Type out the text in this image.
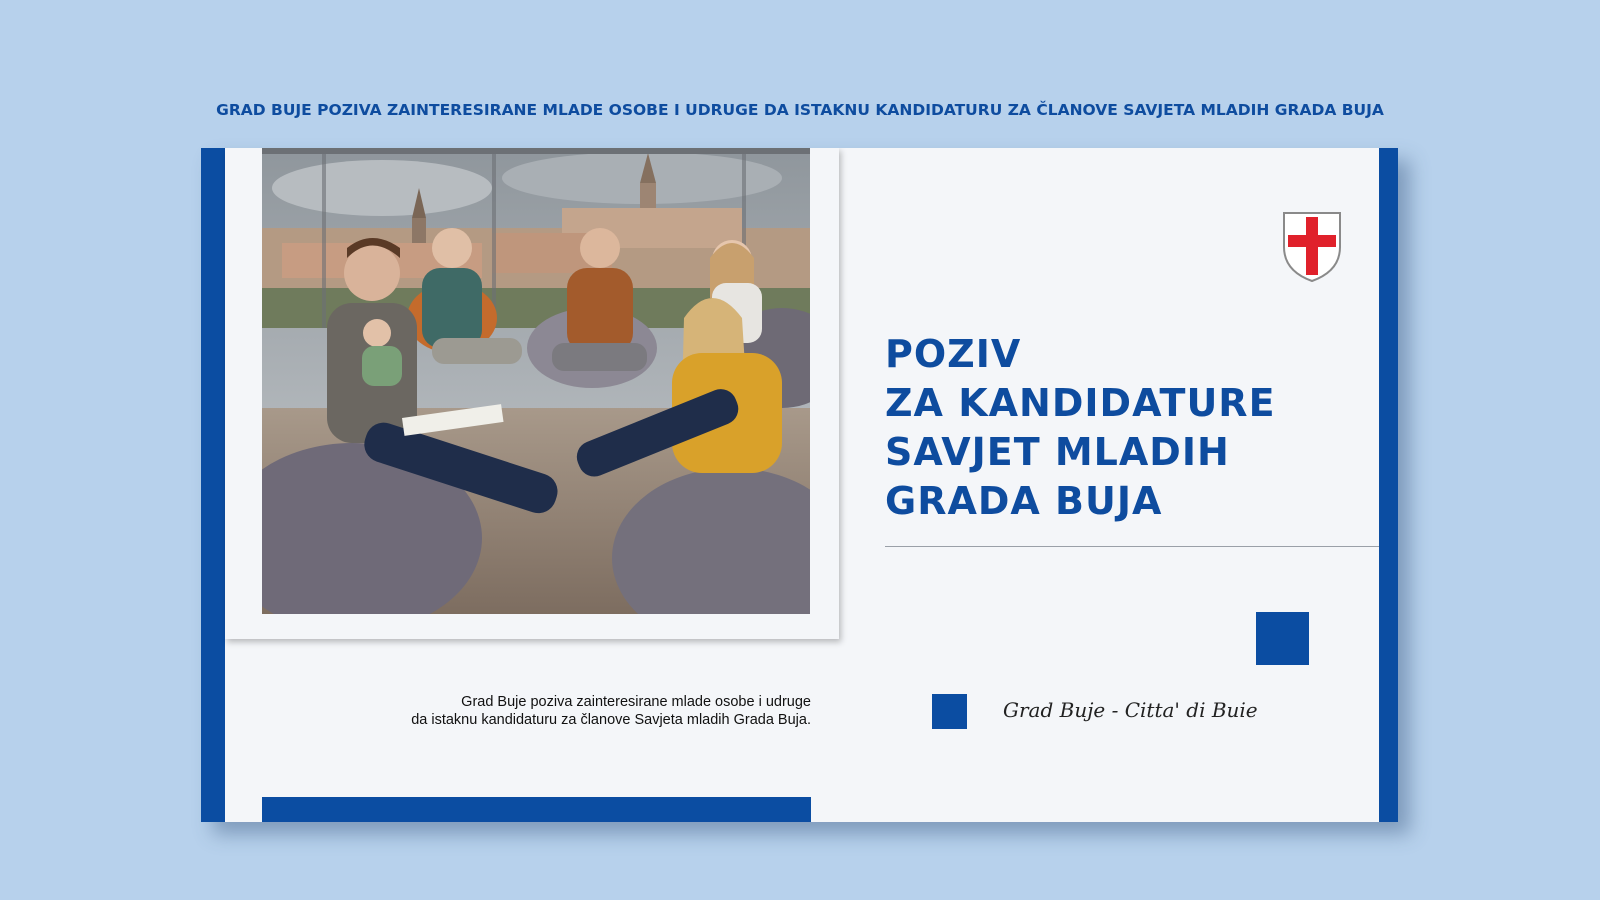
GRAD BUJE POZIVA ZAINTERESIRANE MLADE OSOBE I UDRUGE DA ISTAKNU KANDIDATURU ZA ČLANOVE SAVJETA MLADIH GRADA BUJA
Grad Buje poziva zainteresirane mlade osobe i udruge
da istaknu kandidaturu za članove Savjeta mladih Grada Buja.
POZIV
ZA KANDIDATURE
SAVJET MLADIH
GRADA BUJA
Grad Buje - Citta' di Buie
